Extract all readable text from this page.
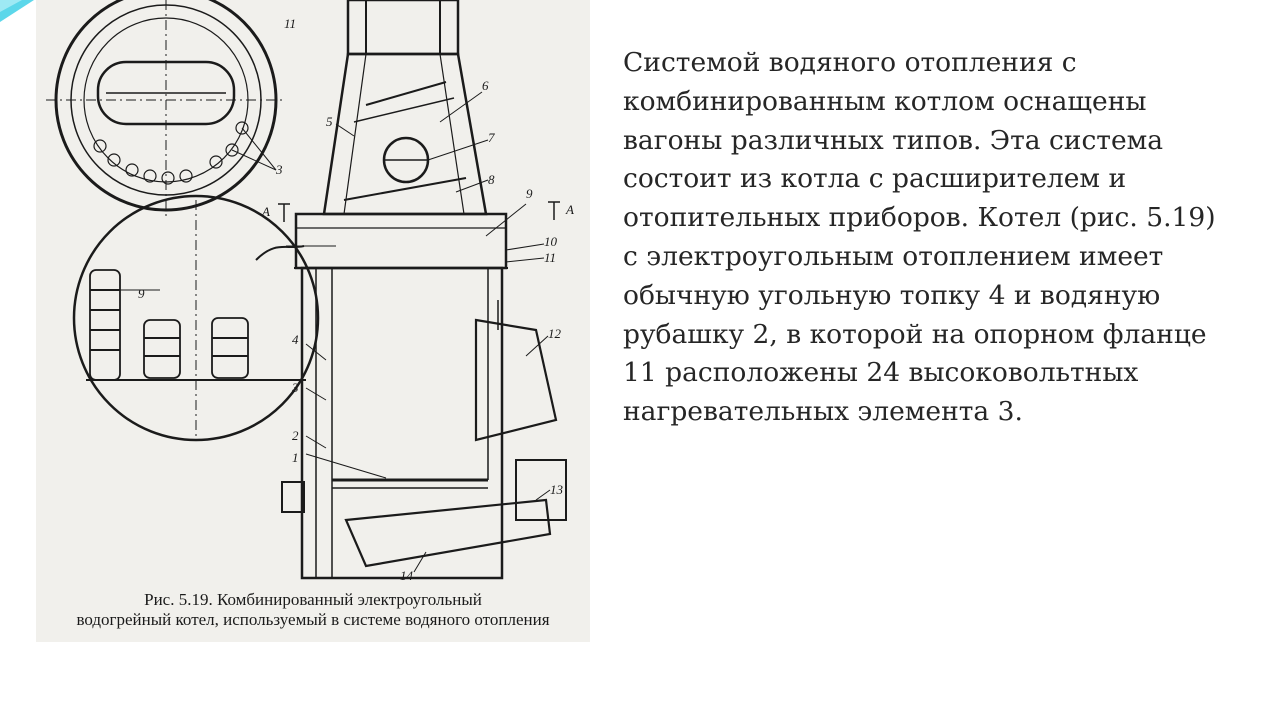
11
3
9
А	А
5
6
7
8
9
10
11
12
4
3
2
1
13
14
Рис. 5.19. Комбинированный электроугольный
водогрейный котел, используемый в системе водяного отопления
Системой водяного отопления с
комбинированным котлом оснащены
вагоны различных типов. Эта система
состоит из котла с расширителем и
отопительных приборов. Котел (рис. 5.19)
с электроугольным отоплением имеет
обычную угольную топку 4 и водяную
рубашку 2, в которой на опорном фланце
11 расположены 24 высоковольтных
нагревательных элемента 3.
